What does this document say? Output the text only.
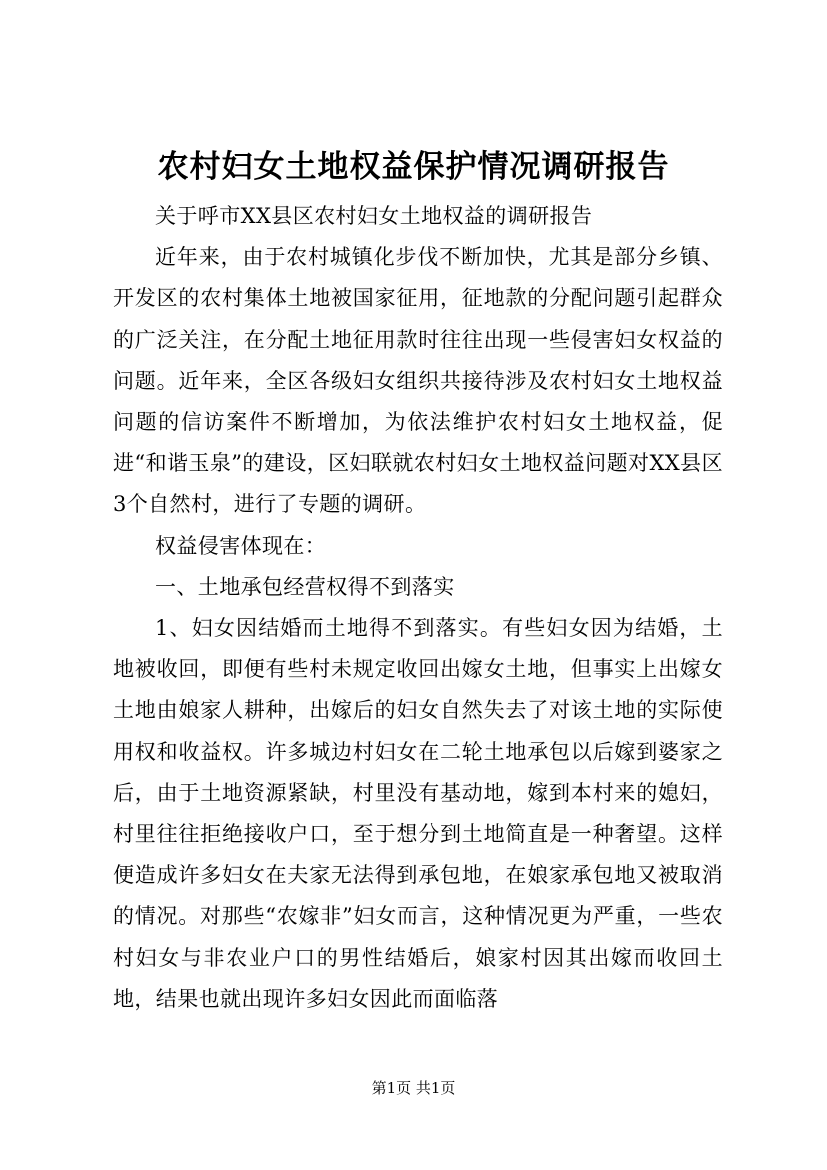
农村妇女土地权益保护情况调研报告

关于呼市XX县区农村妇女土地权益的调研报告

近年来，由于农村城镇化步伐不断加快，尤其是部分乡镇、开发区的农村集体土地被国家征用，征地款的分配问题引起群众的广泛关注，在分配土地征用款时往往出现一些侵害妇女权益的问题。近年来，全区各级妇女组织共接待涉及农村妇女土地权益问题的信访案件不断增加，为依法维护农村妇女土地权益，促进“和谐玉泉”的建设，区妇联就农村妇女土地权益问题对XX县区3个自然村，进行了专题的调研。

权益侵害体现在：

一、土地承包经营权得不到落实

1、妇女因结婚而土地得不到落实。有些妇女因为结婚，土地被收回，即便有些村未规定收回出嫁女土地，但事实上出嫁女土地由娘家人耕种，出嫁后的妇女自然失去了对该土地的实际使用权和收益权。许多城边村妇女在二轮土地承包以后嫁到婆家之后，由于土地资源紧缺，村里没有基动地，嫁到本村来的媳妇，村里往往拒绝接收户口，至于想分到土地简直是一种奢望。这样便造成许多妇女在夫家无法得到承包地，在娘家承包地又被取消的情况。对那些“农嫁非”妇女而言，这种情况更为严重，一些农村妇女与非农业户口的男性结婚后，娘家村因其出嫁而收回土地，结果也就出现许多妇女因此而面临落

第1页 共1页
